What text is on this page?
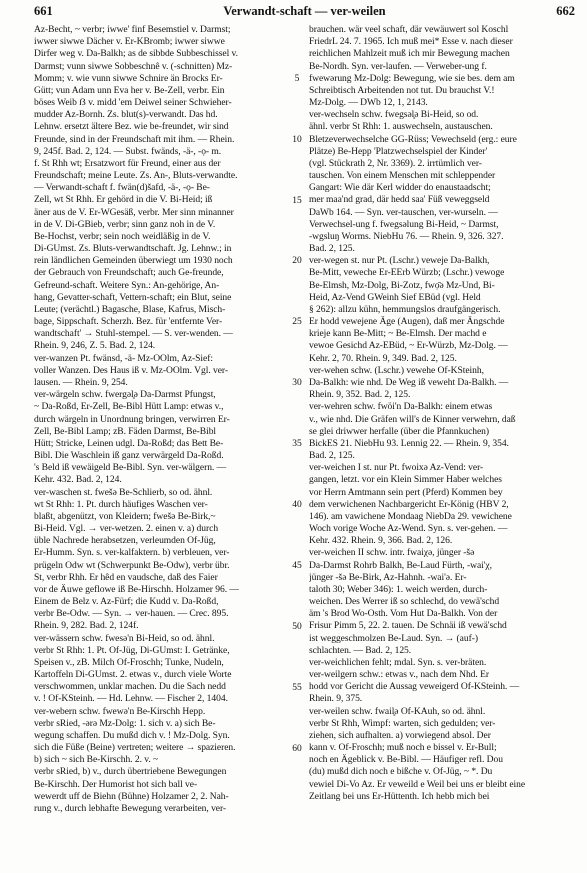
661	Verwandt-schaft — ver-weilen	662
Az-Becht, ~ verbr; iwwe' finf Besemstiel v. Darmst;
iwwer siwwe Dächer v. Er-KBromb; iwwer siwwe
Dirfer weg v. Da-Balkh; as de sibbde Subbeschissel v.
Darmst; vunn siwwe Sobbeschnê v. (-schnitten) Mz-
Momm; v. wie vunn siwwe Schnire än Brocks Er-
Gütt; vun Adam unn Eva her v. Be-Zell, verbr. Ein
böses Weib ẞ v. midd 'em Deiwel seiner Schwieher-
mudder Az-Bornh. Zs. blut(s)-verwandt. Das hd.
Lehnw. ersetzt ältere Bez. wie be-freundet, wir sind
Freunde, sind in der Freundschaft mit ihm. — Rhein.
9, 245f. Bad. 2, 124. — Subst. fwänds, -ä-, -ọ- m.
f. St Rhh wt; Ersatzwort für Freund, einer aus der
Freundschaft; meine Leute. Zs. An-, Bluts-verwandte.
— Verwandt-schaft f. fwän(d)šafd, -ä-, -ọ- Be-
Zell, wt St Rhh. Er gehörd in die V. Bi-Heid; iß
äner aus de V. Er-WGesäß, verbr. Mer sinn minanner
in de V. Di-GBieb, verbr; sinn ganz noh in de V.
Be-Hochst, verbr; sein noch weidläßig in de V.
Di-GUmst. Zs. Bluts-verwandtschaft. Jg. Lehnw.; in
rein ländlichen Gemeinden überwiegt um 1930 noch
der Gebrauch von Freundschaft; auch Ge-freunde,
Gefreund-schaft. Weitere Syn.: An-gehörige, An-
hang, Gevatter-schaft, Vettern-schaft; ein Blut, seine
Leute; (verächtl.) Bagasche, Blase, Kafrus, Misch-
bage, Sippschaft. Scherzh. Bez. für 'entfernte Ver-
wandtschaft' → Stuhl-stempel. — S. ver-wenden. —
Rhein. 9, 246, Z. 5. Bad. 2, 124.
ver-wanzen Pt. fwänsd, -ä- Mz-OOlm, Az-Sief:
voller Wanzen. Des Haus iß v. Mz-OOlm. Vgl. ver-
lausen. — Rhein. 9, 254.
ver-wärgeln schw. fwergəl̥ə Da-Darmst Pfungst,
~ Da-Roßd, Er-Zell, Be-Bibl Hütt Lamp: etwas v.,
durch wärgeln in Unordnung bringen, verwirren Er-
Zell, Be-Bibl Lamp; zB. Fäden Darmst, Be-Bibl
Hütt; Stricke, Leinen udgl. Da-Roßd; das Bett Be-
Bibl. Die Waschlein iß ganz verwärgeld Da-Roßd.
's Beld iß vewäigeld Be-Bibl. Syn. ver-wälgern. —
Kehr. 432. Bad. 2, 124.
ver-waschen st. fwešə Be-Schlierb, so od. ähnl.
wt St Rhh: 1. Pt. durch häufiges Waschen ver-
blaßt, abgenützt, von Kleidern; fwešə Be-Birk,~
Bi-Heid. Vgl. → ver-wetzen. 2. einen v. a) durch
üble Nachrede herabsetzen, verleumden Of-Jüg,
Er-Humm. Syn. s. ver-kalfaktern. b) verbleuen, ver-
prügeln Odw wt (Schwerpunkt Be-Odw), verbr übr.
St, verbr Rhh. Er hêd en vaudsche, daß des Faier
vor de Äuwe geflowe iß Be-Hirschh. Holzamer 96. —
Einem de Belz v. Az-Fürf; die Kudd v. Da-Roßd,
verbr Be-Odw. — Syn. → ver-hauen. — Crec. 895.
Rhein. 9, 282. Bad. 2, 124f.
ver-wässern schw. fwesə'n Bi-Heid, so od. ähnl.
verbr St Rhh: 1. Pt. Of-Jüg, Di-GUmst: I. Getränke,
Speisen v., zB. Milch Of-Froschh; Tunke, Nudeln,
Kartoffeln Di-GUmst. 2. etwas v., durch viele Worte
verschwommen, unklar machen. Du die Sach nedd
v. ! Of-KSteinh. — Hd. Lehnw. — Fischer 2, 1404.
ver-webern schw. fwewə'n Be-Kirschh Hepp.
verbr sRied, -ərə Mz-Dolg: 1. sich v. a) sich Be-
wegung schaffen. Du mußd dich v. ! Mz-Dolg. Syn.
sich die Füße (Beine) vertreten; weitere → spazieren.
b) sich ~ sich Be-Kirschh. 2. v. ~
verbr sRied, b) v., durch übertriebene Bewegungen
Be-Kirschh. Der Humorist hot sich ball ve-
wewerdt uff de Biehn (Bühne) Holzamer 2, 2. Nah-
rung v., durch lebhafte Bewegung verarbeiten, ver-
5
10
15
20
25
30
35
40
45
50
55
60
brauchen. wär veel schaft, där vewäuwert sol Koschl
FriedrL 24. 7. 1965. Ich muß mei* Esse v. nach dieser
reichlichen Mahlzeit muß ich mir Bewegung machen
Be-Nordh. Syn. ver-laufen. — Verweber-ung f.
fwewərung Mz-Dolg: Bewegung, wie sie bes. dem am
Schreibtisch Arbeitenden not tut. Du brauchst V.!
Mz-Dolg. — DWb 12, 1, 2143.
ver-wechseln schw. fwegsəl̥ə Bi-Heid, so od.
ähnl. verbr St Rhh: 1. auswechseln, austauschen.
Bletzeverwechselche GG-Rüss; Vewechseld (erg.: eure
Plätze) Be-Hepp 'Platzwechselspiel der Kinder'
(vgl. Stückrath 2, Nr. 3369). 2. irrtümlich ver-
tauschen. Von einem Menschen mit schleppender
Gangart: Wie där Kerl widder do enaustaadscht;
mer maa'nd grad, där hedd saa' Füß veweggseld
DaWb 164. — Syn. ver-tauschen, ver-wurseln. —
Verwechsel-ung f. fwegsəlung Bi-Heid, ~ Darmst,
-wgsluŋ Worms. NiebHu 76. — Rhein. 9, 326. 327.
Bad. 2, 125.
ver-wegen st. nur Pt. (Lschr.) veweje Da-Balkh,
Be-Mitt, veweche Er-EErb Würzb; (Lschr.) vewoge
Be-Elmsh, Mz-Dolg, Bi-Zotz, fwọ̄ə Mz-Und, Bi-
Heid, Az-Vend GWeinh Sief EBüd (vgl. Held
§ 262): allzu kühn, hemmungslos draufgängerisch.
Er hodd vewejene Äge (Augen), daß mer Ängschde
krieje kann Be-Mitt; ~ Be-Elmsh. Der machd e
vewoe Gesichd Az-EBüd, ~ Er-Würzb, Mz-Dolg. —
Kehr. 2, 70. Rhein. 9, 349. Bad. 2, 125.
ver-wehen schw. (Lschr.) vewehe Of-KSteinh,
Da-Balkh: wie nhd. De Weg iß veweht Da-Balkh. —
Rhein. 9, 352. Bad. 2, 125.
ver-wehren schw. fwöi'n Da-Balkh: einem etwas
v., wie nhd. Die Gräfen will's de Kinner verwehrn, daß
se glei driwwer herfalle (über die Pfannkuchen)
BickES 21. NiebHu 93. Lennig 22. — Rhein. 9, 354.
Bad. 2, 125.
ver-weichen I st. nur Pt. fwoixə Az-Vend: ver-
gangen, letzt. vor ein Klein Simmer Haber welches
vor Herrn Amtmann sein pert (Pferd) Kommen bey
dem verwichenen Nachbargericht Er-König (HBV 2,
146). am vawichene Mondaag NiebDa 29. vewichene
Woch vorige Woche Az-Wend. Syn. s. ver-gehen. —
Kehr. 432. Rhein. 9, 366. Bad. 2, 126.
ver-weichen II schw. intr. fwaiχə, jünger -šə
Da-Darmst Rohrb Balkh, Be-Laud Fürth, -wai'χ,
jünger -šə Be-Birk, Az-Hahnh. -wai'ə. Er-
taloth 30; Weber 346): 1. weich werden, durch-
weichen. Des Werrer iß so schlechd, do vewä'schd
äm 's Brod Wo-Osth. Vom Hut Da-Balkh. Von der
Frisur Pimm 5, 22. 2. tauen. De Schnäi iß vewä'schd
ist weggeschmolzen Be-Laud. Syn. → (auf-)
schlachten. — Bad. 2, 125.
ver-weichlichen fehlt; mdal. Syn. s. ver-bräten.
ver-weilgern schw.: etwas v., nach dem Nhd. Er
hodd vor Gericht die Aussag veweigerd Of-KSteinh. —
Rhein. 9, 375.
ver-weilen schw. fwail̥ə Of-KAuh, so od. ähnl.
verbr St Rhh, Wimpf: warten, sich gedulden; ver-
ziehen, sich aufhalten. a) vorwiegend absol. Der
kann v. Of-Froschh; muß noch e bissel v. Er-Bull;
noch en Ägeblick v. Be-Bibl. — Häufiger refl. Dou
(du) mußd dich noch e bißche v. Of-Jüg, ~ *. Du
vewiel Di-Vo Az. Er veweild e Weil bei uns er bleibt eine
Zeitlang bei uns Er-Hüttenth. Ich hebb mich bei
